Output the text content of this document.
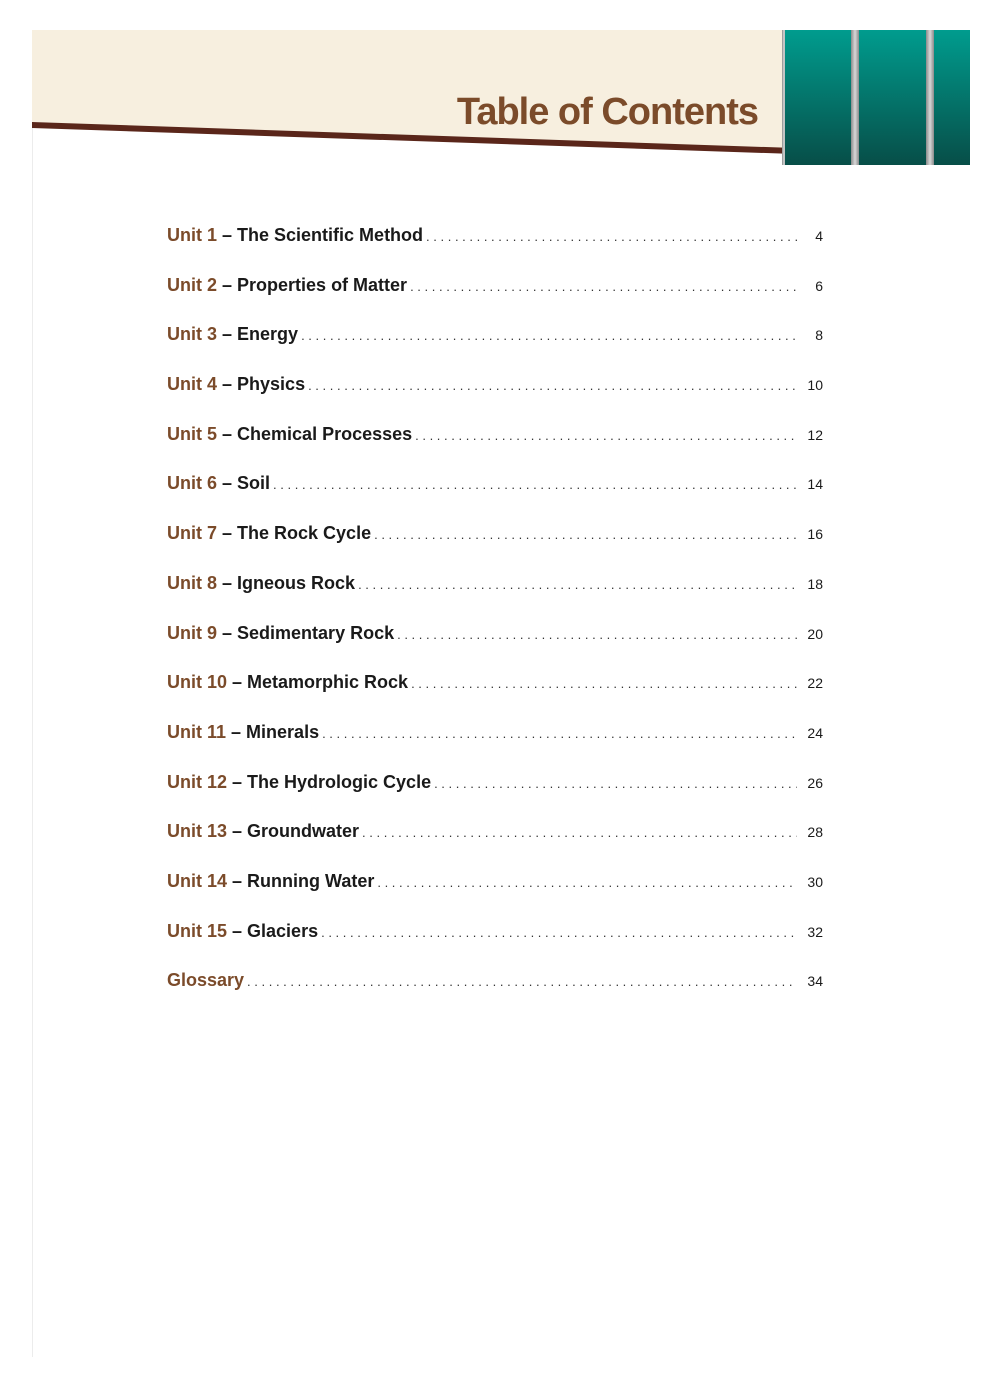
Table of Contents
Unit 1 – The Scientific Method . . .	4
Unit 2 – Properties of Matter . . .	6
Unit 3 – Energy . . .	8
Unit 4 – Physics . . .	10
Unit 5 – Chemical Processes . . .	12
Unit 6 – Soil . . .	14
Unit 7 – The Rock Cycle . . .	16
Unit 8 – Igneous Rock . . .	18
Unit 9 – Sedimentary Rock . . .	20
Unit 10 – Metamorphic Rock . . .	22
Unit 11 – Minerals . . .	24
Unit 12 – The Hydrologic Cycle . . .	26
Unit 13 – Groundwater . . .	28
Unit 14 – Running Water . . .	30
Unit 15 – Glaciers . . .	32
Glossary . . .	34
